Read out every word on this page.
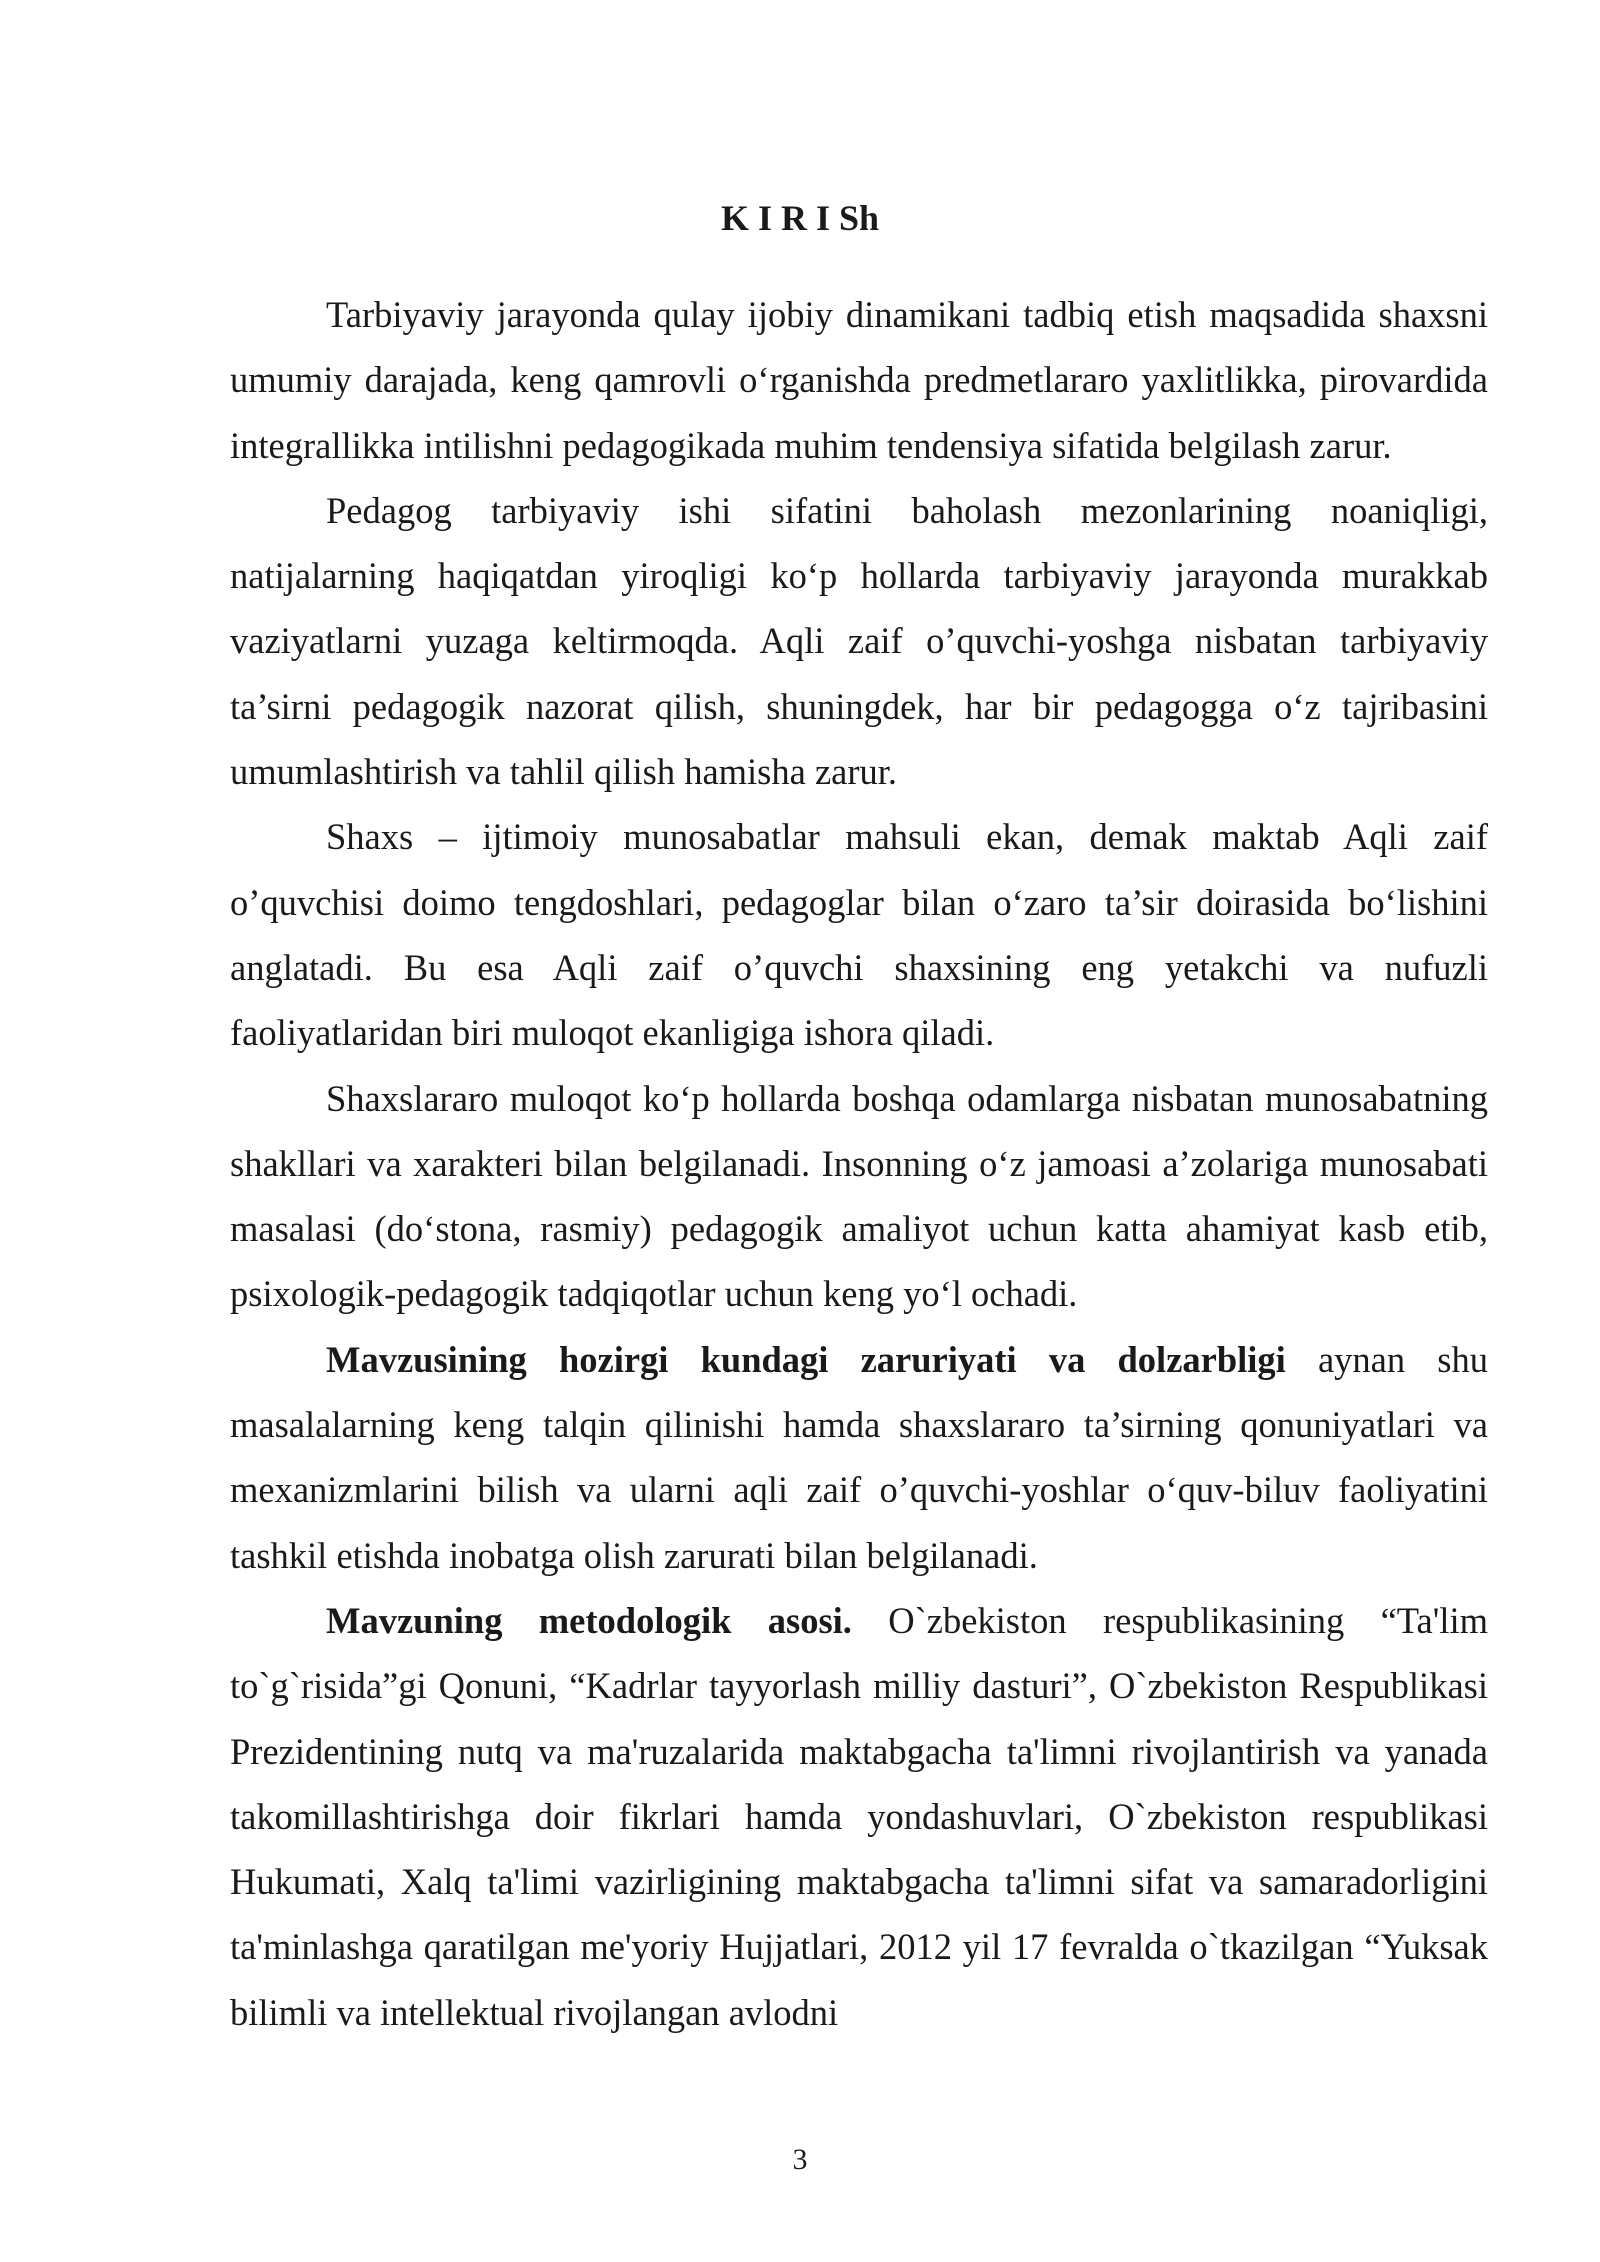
K I R I Sh

Tarbiyaviy jarayonda qulay ijobiy dinamikani tadbiq etish maqsadida shaxsni umumiy darajada, keng qamrovli o‘rganishda predmetlararo yaxlitlikka, pirovardida integrallikka intilishni pedagogikada muhim tendensiya sifatida belgilash zarur.

Pedagog tarbiyaviy ishi sifatini baholash mezonlarining noaniqligi, natijalarning haqiqatdan yiroqligi ko‘p hollarda tarbiyaviy jarayonda murakkab vaziyatlarni yuzaga keltirmoqda. Aqli zaif o’quvchi-yoshga nisbatan tarbiyaviy ta’sirni pedagogik nazorat qilish, shuningdek, har bir pedagogga o‘z tajribasini umumlashtirish va tahlil qilish hamisha zarur.

Shaxs – ijtimoiy munosabatlar mahsuli ekan, demak maktab Aqli zaif o’quvchisi doimo tengdoshlari, pedagoglar bilan o‘zaro ta’sir doirasida bo‘lishini anglatadi. Bu esa Aqli zaif o’quvchi shaxsining eng yetakchi va nufuzli faoliyatlaridan biri muloqot ekanligiga ishora qiladi.

Shaxslararo muloqot ko‘p hollarda boshqa odamlarga nisbatan munosabatning shakllari va xarakteri bilan belgilanadi. Insonning o‘z jamoasi a’zolariga munosabati masalasi (do‘stona, rasmiy) pedagogik amaliyot uchun katta ahamiyat kasb etib, psixologik-pedagogik tadqiqotlar uchun keng yo‘l ochadi.

Mavzusining hozirgi kundagi zaruriyati va dolzarbligi aynan shu masalalarning keng talqin qilinishi hamda shaxslararo ta’sirning qonuniyatlari va mexanizmlarini bilish va ularni aqli zaif o’quvchi-yoshlar o‘quv-biluv faoliyatini tashkil etishda inobatga olish zarurati bilan belgilanadi.

Mavzuning metodologik asosi. O`zbekiston respublikasining “Ta'lim to`g`risida”gi Qonuni, “Kadrlar tayyorlash milliy dasturi”, O`zbekiston Respublikasi Prezidentining nutq va ma'ruzalarida maktabgacha ta'limni rivojlantirish va yanada takomillashtirishga doir fikrlari hamda yondashuvlari, O`zbekiston respublikasi Hukumati, Xalq ta'limi vazirligining maktabgacha ta'limni sifat va samaradorligini ta'minlashga qaratilgan me'yoriy Hujjatlari, 2012 yil 17 fevralda o`tkazilgan “Yuksak bilimli va intellektual rivojlangan avlodni

3
